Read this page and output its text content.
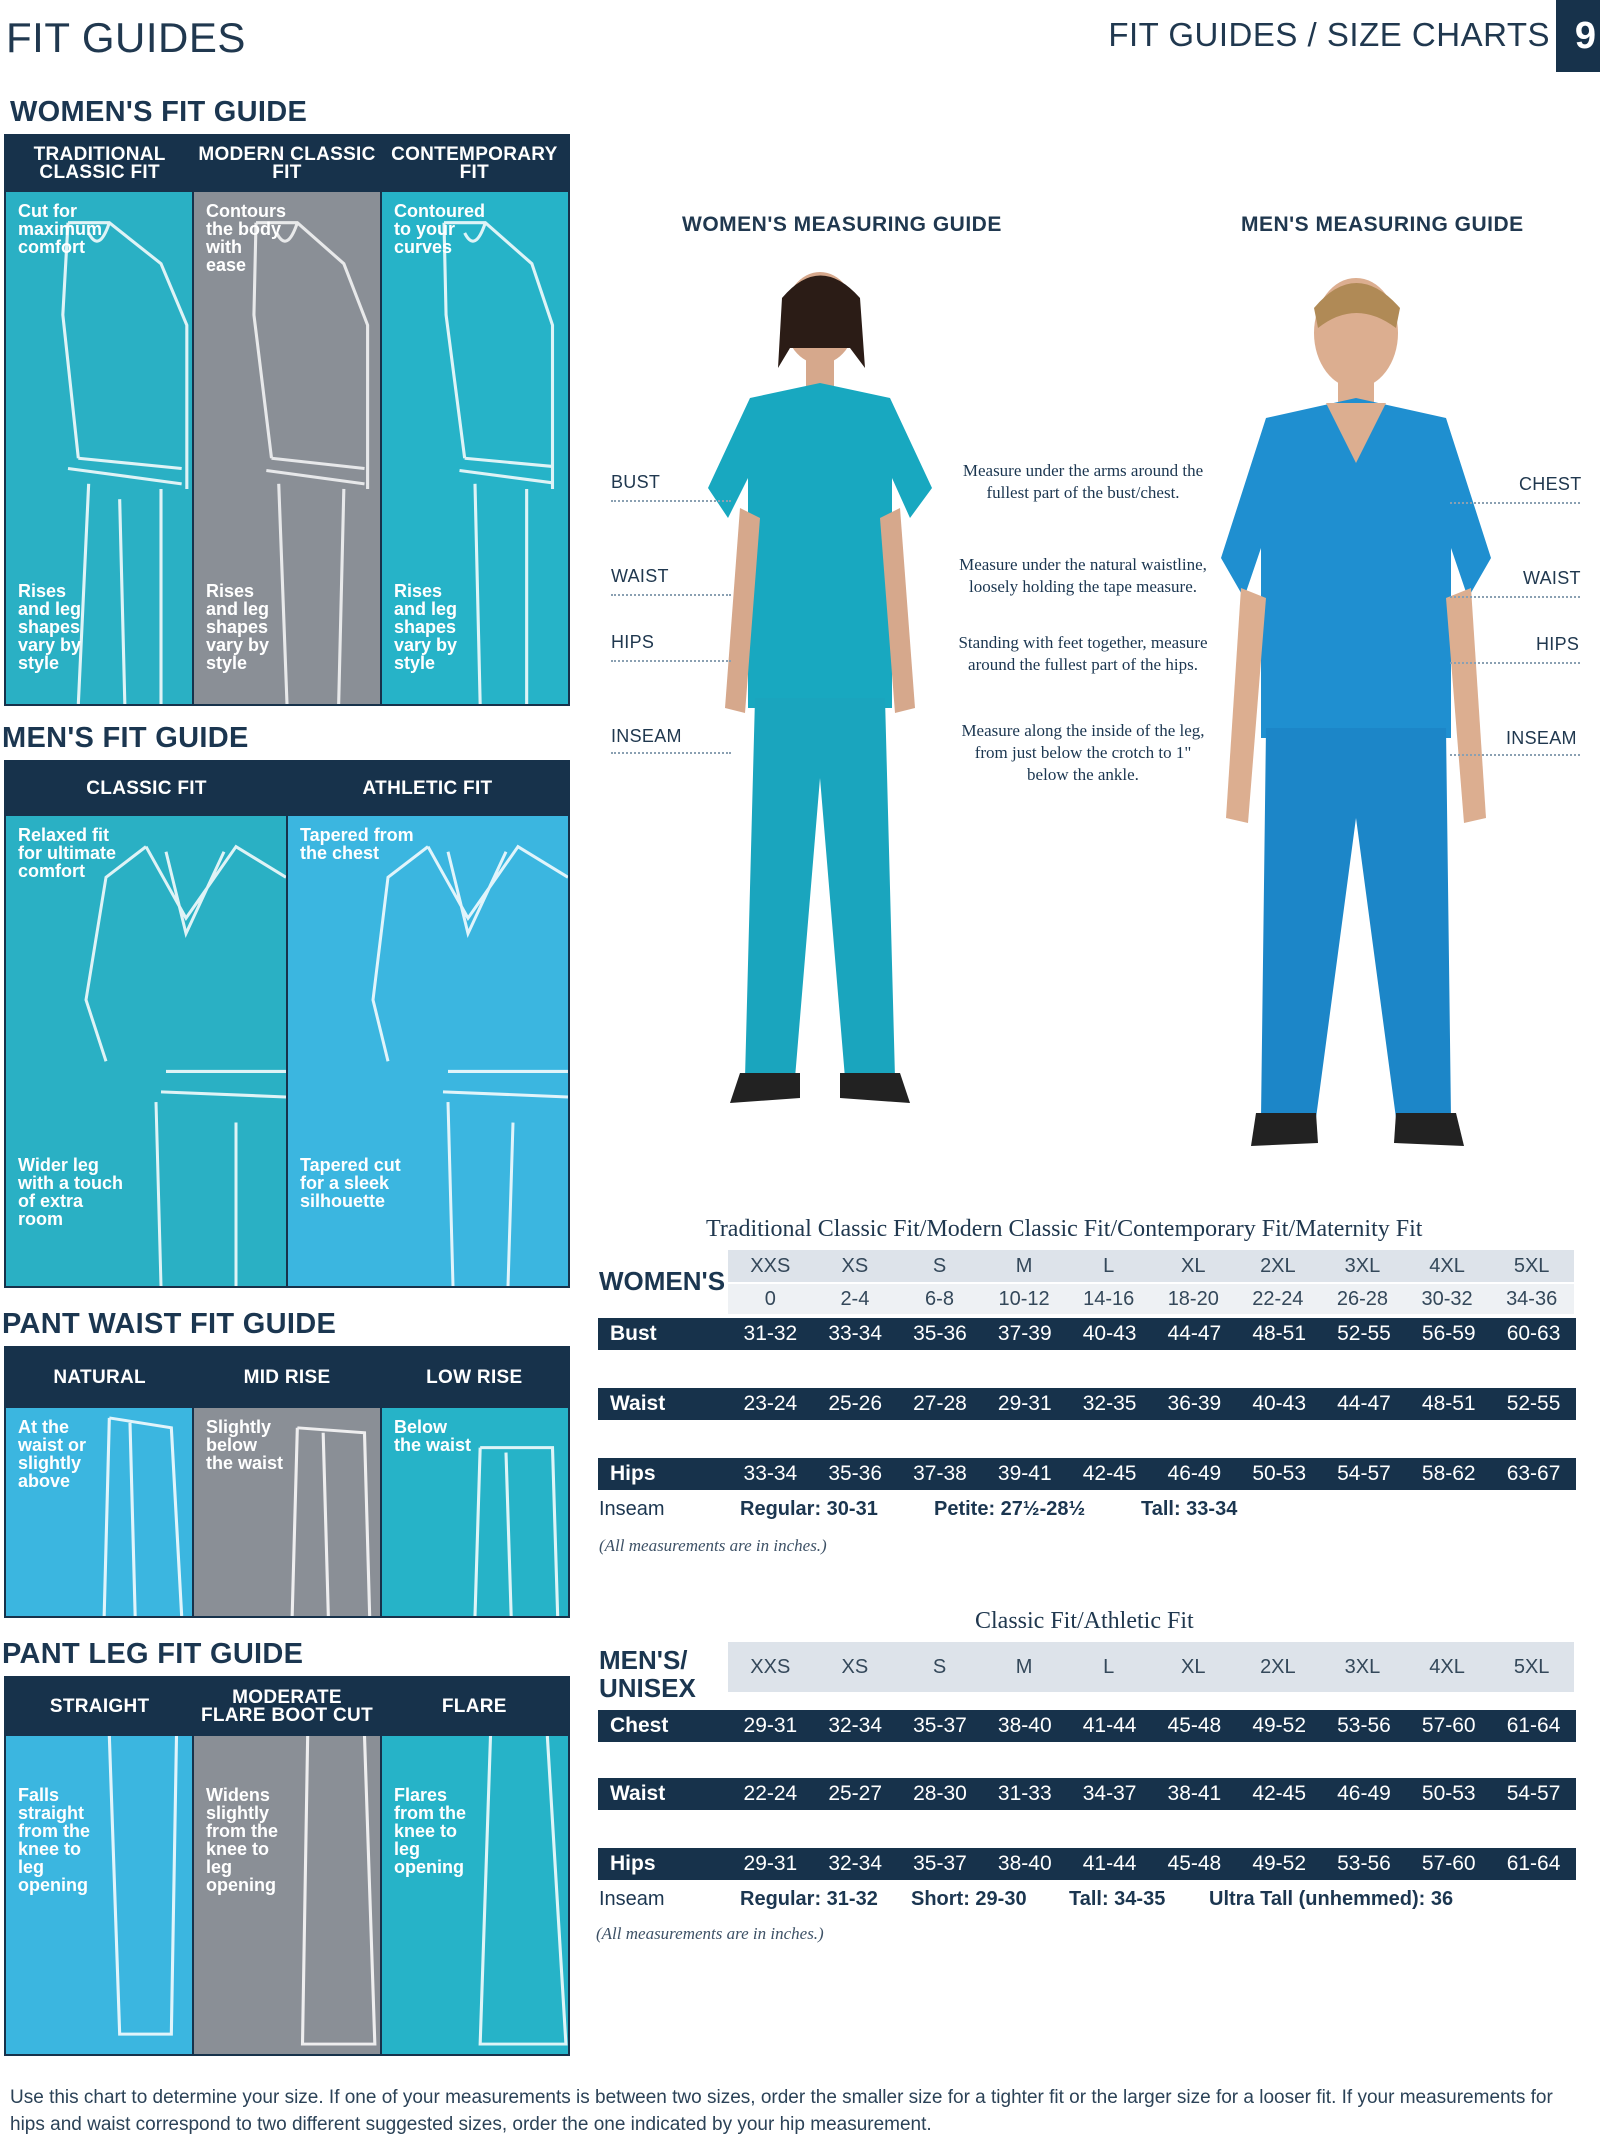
FIT GUIDES	FIT GUIDES / SIZE CHARTS 9
WOMEN'S FIT GUIDE
TRADITIONAL CLASSIC FIT
MODERN CLASSIC FIT
CONTEMPORARY FIT
Cut for maximum comfort
Rises and leg shapes vary by style
Contours the body with ease
Rises and leg shapes vary by style
Contoured to your curves
Rises and leg shapes vary by style
MEN'S FIT GUIDE
CLASSIC FIT	ATHLETIC FIT
Relaxed fit for ultimate comfort
Wider leg with a touch of extra room
Tapered from the chest
Tapered cut for a sleek silhouette
PANT WAIST FIT GUIDE
NATURAL	MID RISE	LOW RISE
At the waist or slightly above
Slightly below the waist
Below the waist
PANT LEG FIT GUIDE
STRAIGHT	MODERATE FLARE BOOT CUT	FLARE
Falls straight from the knee to leg opening
Widens slightly from the knee to leg opening
Flares from the knee to leg opening
WOMEN'S MEASURING GUIDE	MEN'S MEASURING GUIDE
BUST
WAIST
HIPS
INSEAM
CHEST
WAIST
HIPS
INSEAM
Measure under the arms around the fullest part of the bust/chest.
Measure under the natural waistline, loosely holding the tape measure.
Standing with feet together, measure around the fullest part of the hips.
Measure along the inside of the leg, from just below the crotch to 1" below the ankle.
Traditional Classic Fit/Modern Classic Fit/Contemporary Fit/Maternity Fit
WOMEN'S
XXS	XS	S	M	L	XL	2XL	3XL	4XL	5XL
0	2-4	6-8	10-12	14-16	18-20	22-24	26-28	30-32	34-36
Bust	31-32	33-34	35-36	37-39	40-43	44-47	48-51	52-55	56-59	60-63
Waist	23-24	25-26	27-28	29-31	32-35	36-39	40-43	44-47	48-51	52-55
Hips	33-34	35-36	37-38	39-41	42-45	46-49	50-53	54-57	58-62	63-67
Inseam	Regular: 30-31	Petite: 27½-28½	Tall: 33-34
(All measurements are in inches.)
Classic Fit/Athletic Fit
MEN'S/ UNISEX
XXS	XS	S	M	L	XL	2XL	3XL	4XL	5XL
Chest	29-31	32-34	35-37	38-40	41-44	45-48	49-52	53-56	57-60	61-64
Waist	22-24	25-27	28-30	31-33	34-37	38-41	42-45	46-49	50-53	54-57
Hips	29-31	32-34	35-37	38-40	41-44	45-48	49-52	53-56	57-60	61-64
Inseam	Regular: 31-32 Short: 29-30 Tall: 34-35 Ultra Tall (unhemmed): 36
(All measurements are in inches.)
Use this chart to determine your size. If one of your measurements is between two sizes, order the smaller size for a tighter fit or the larger size for a looser fit. If your measurements for hips and waist correspond to two different suggested sizes, order the one indicated by your hip measurement.
